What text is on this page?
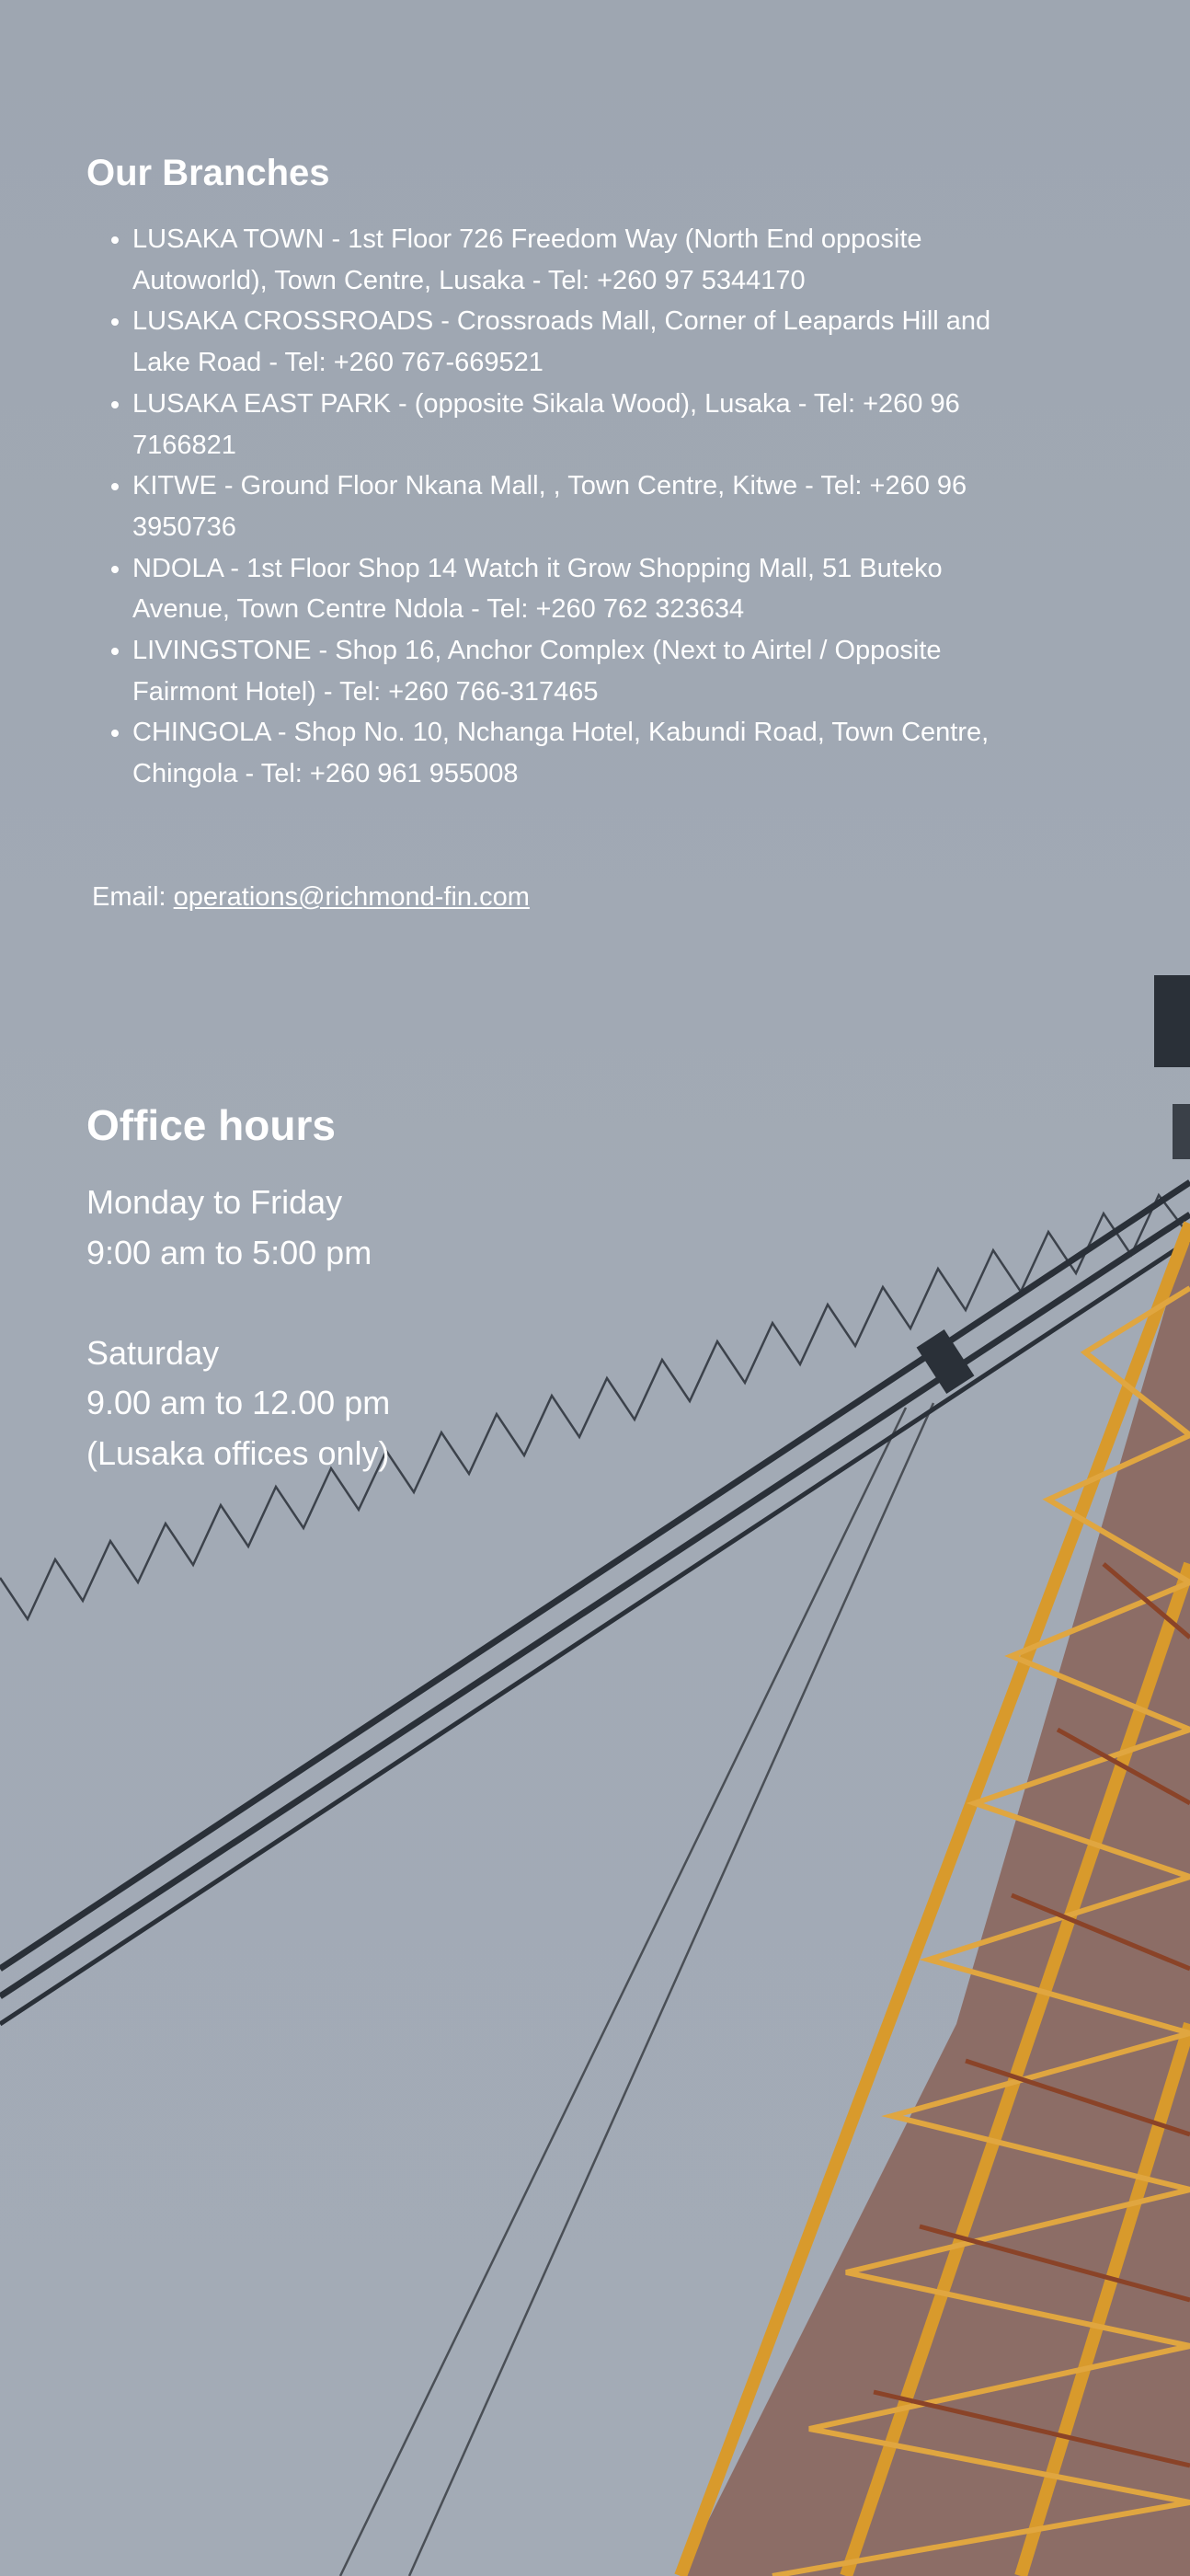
Our Branches
• LUSAKA TOWN - 1st Floor 726 Freedom Way (North End opposite Autoworld), Town Centre, Lusaka - Tel: +260 97 5344170
• LUSAKA CROSSROADS - Crossroads Mall, Corner of Leapards Hill and Lake Road - Tel: +260 767-669521
• LUSAKA EAST PARK - (opposite Sikala Wood), Lusaka - Tel: +260 96 7166821
• KITWE - Ground Floor Nkana Mall, , Town Centre, Kitwe - Tel: +260 96 3950736
• NDOLA - 1st Floor Shop 14 Watch it Grow Shopping Mall, 51 Buteko Avenue, Town Centre Ndola - Tel: +260 762 323634
• LIVINGSTONE - Shop 16, Anchor Complex (Next to Airtel / Opposite Fairmont Hotel) - Tel: +260 766-317465
• CHINGOLA - Shop No. 10, Nchanga Hotel, Kabundi Road, Town Centre, Chingola - Tel: +260 961 955008
Email: operations@richmond-fin.com
Office hours
Monday to Friday
9:00 am to 5:00 pm
Saturday
9.00 am to 12.00 pm
(Lusaka offices only)
